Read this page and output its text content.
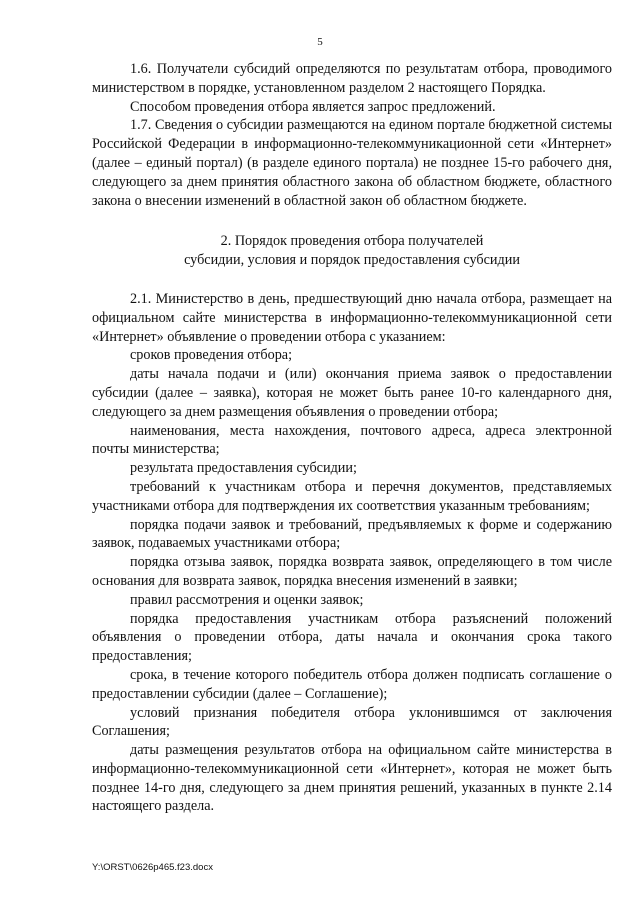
5

1.6. Получатели субсидий определяются по результатам отбора, проводимого министерством в порядке, установленном разделом 2 настоящего Порядка.

Способом проведения отбора является запрос предложений.

1.7. Сведения о субсидии размещаются на едином портале бюджетной системы Российской Федерации в информационно-телекоммуникационной сети «Интернет» (далее – единый портал) (в разделе единого портала) не позднее 15-го рабочего дня, следующего за днем принятия областного закона об областном бюджете, областного закона о внесении изменений в областной закон об областном бюджете.

2. Порядок проведения отбора получателей
субсидии, условия и порядок предоставления субсидии

2.1. Министерство в день, предшествующий дню начала отбора, размещает на официальном сайте министерства в информационно-телекоммуникационной сети «Интернет» объявление о проведении отбора с указанием:

сроков проведения отбора;

даты начала подачи и (или) окончания приема заявок о предоставлении субсидии (далее – заявка), которая не может быть ранее 10-го календарного дня, следующего за днем размещения объявления о проведении отбора;

наименования, места нахождения, почтового адреса, адреса электронной почты министерства;

результата предоставления субсидии;

требований к участникам отбора и перечня документов, представляемых участниками отбора для подтверждения их соответствия указанным требованиям;

порядка подачи заявок и требований, предъявляемых к форме и содержанию заявок, подаваемых участниками отбора;

порядка отзыва заявок, порядка возврата заявок, определяющего в том числе основания для возврата заявок, порядка внесения изменений в заявки;

правил рассмотрения и оценки заявок;

порядка предоставления участникам отбора разъяснений положений объявления о проведении отбора, даты начала и окончания срока такого предоставления;

срока, в течение которого победитель отбора должен подписать соглашение о предоставлении субсидии (далее – Соглашение);

условий признания победителя отбора уклонившимся от заключения Соглашения;

даты размещения результатов отбора на официальном сайте министерства в информационно-телекоммуникационной сети «Интернет», которая не может быть позднее 14-го дня, следующего за днем принятия решений, указанных в пункте 2.14 настоящего раздела.

Y:\ORST\0626p465.f23.docx
